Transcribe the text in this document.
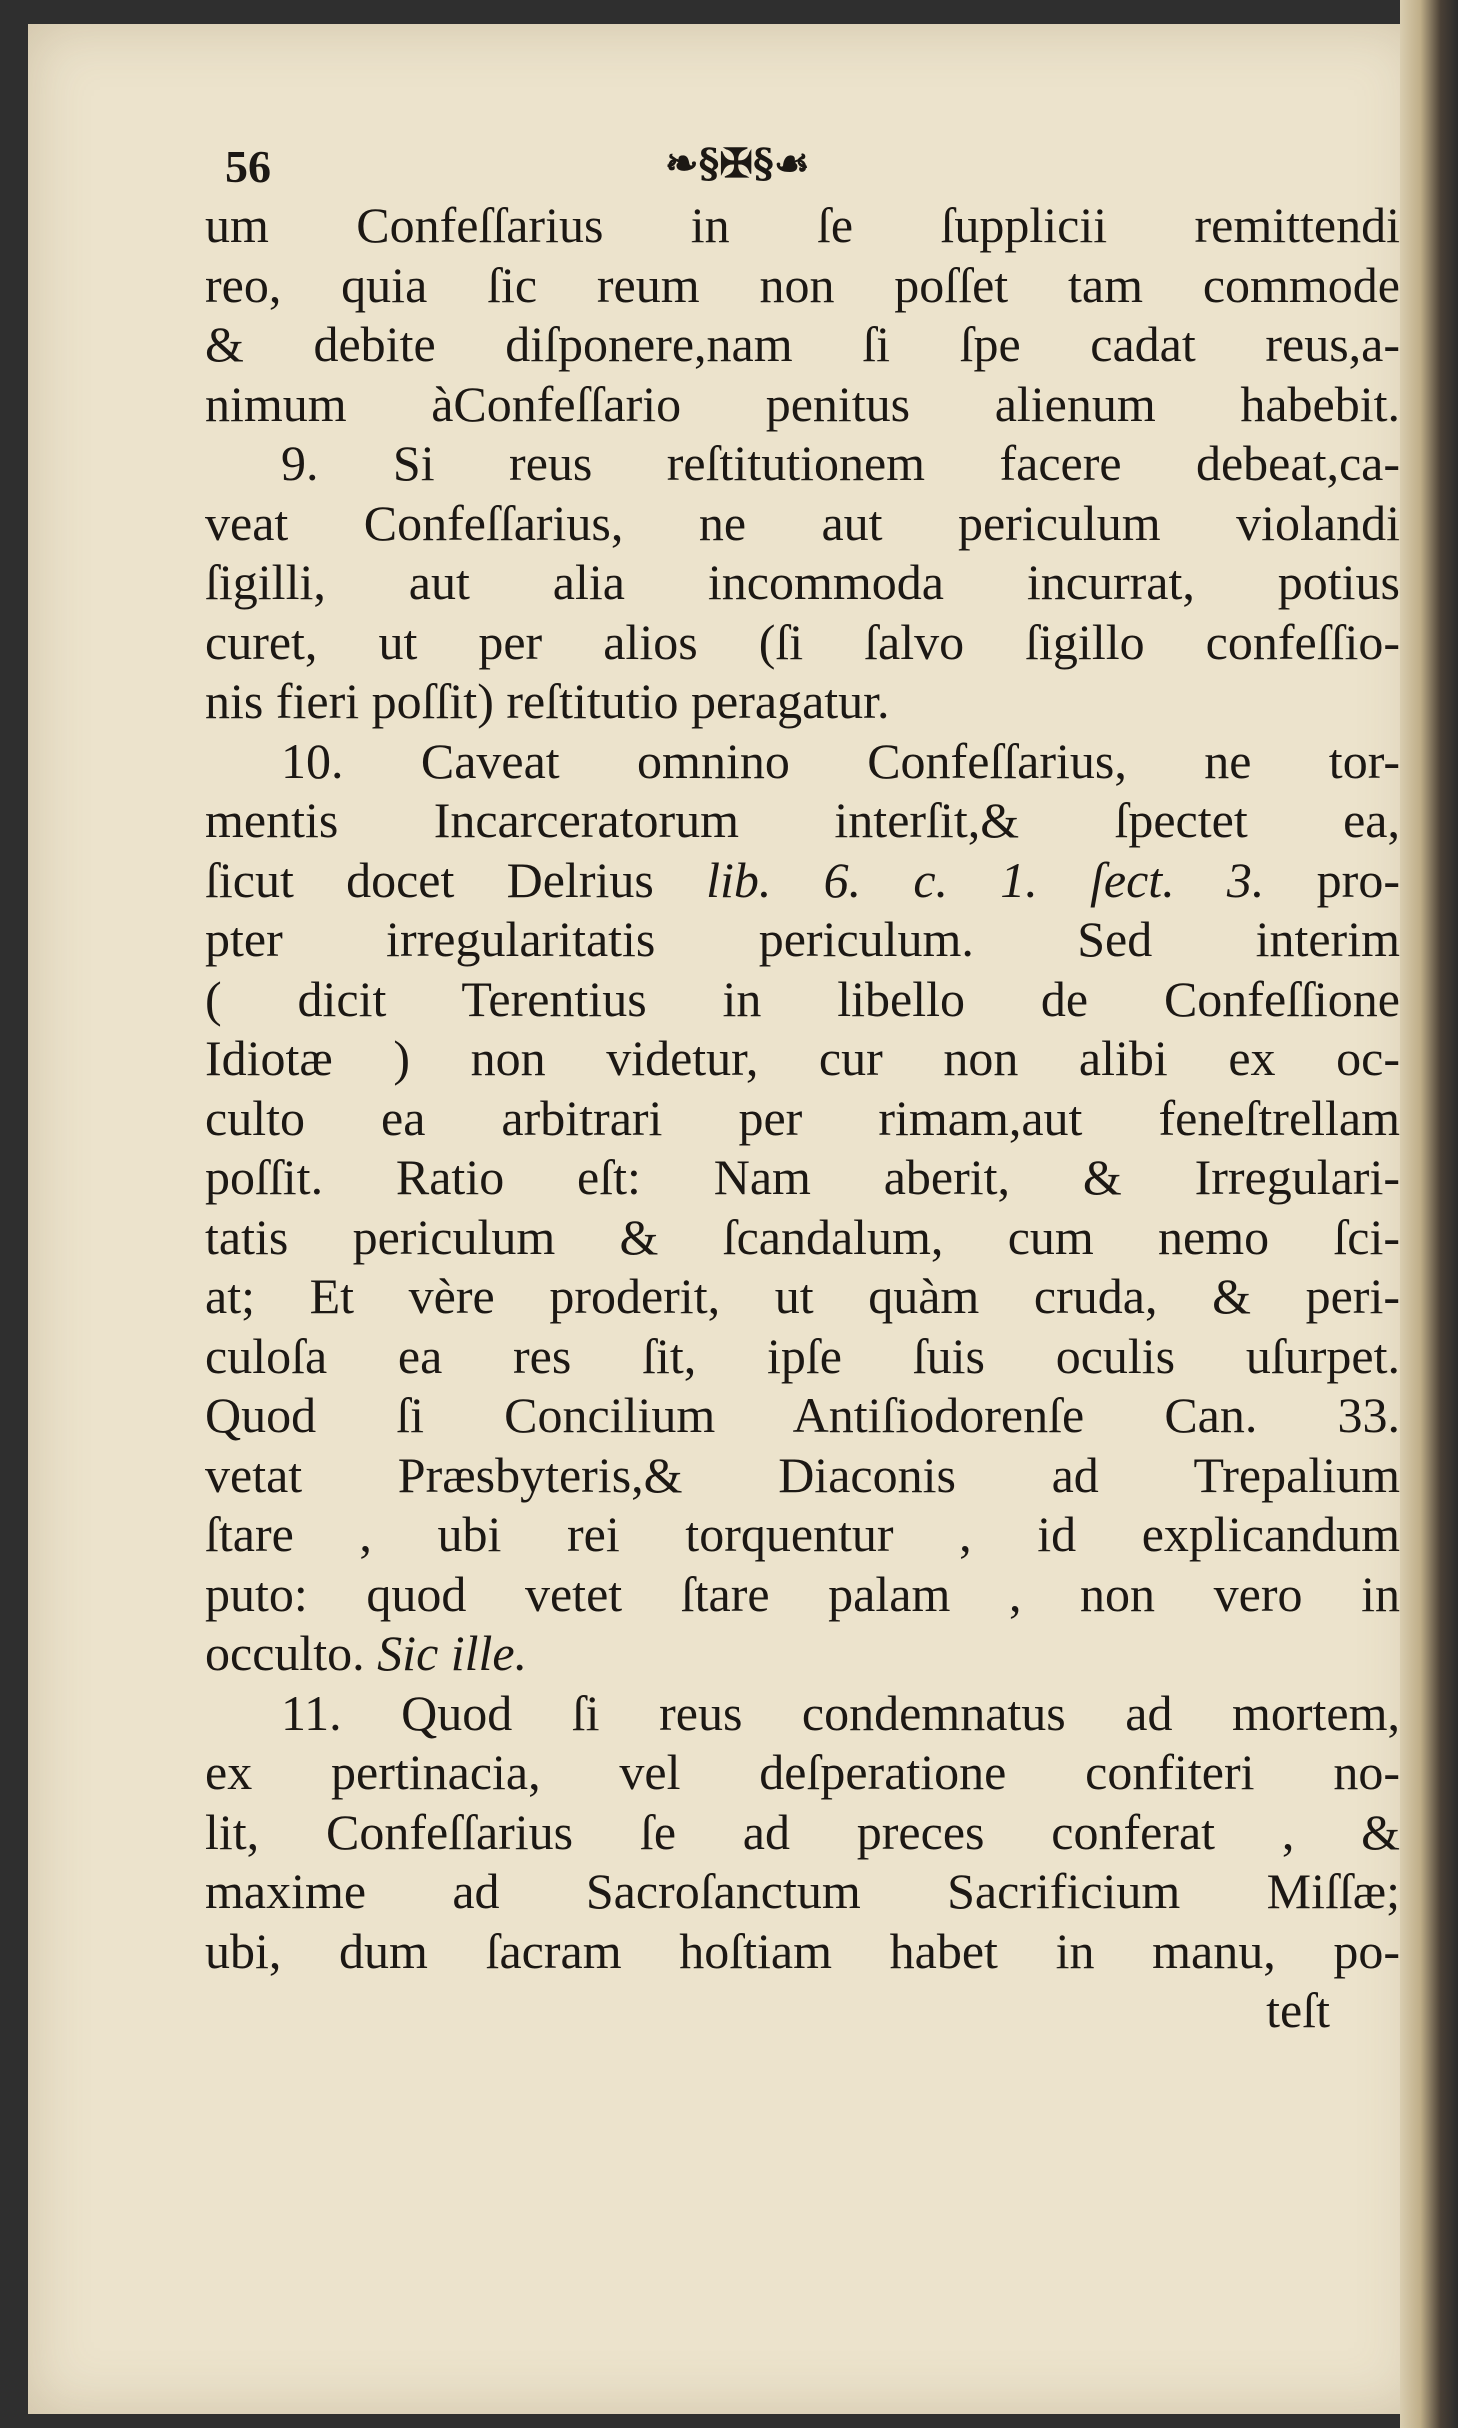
56	❧§✠§☙
um Confeſſarius in ſe ſupplicii remittendi
reo, quia ſic reum non poſſet tam commode
& debite diſponere,nam ſi ſpe cadat reus,a-
nimum àConfeſſario penitus alienum habebit.
9. Si reus reſtitutionem facere debeat,ca-
veat Confeſſarius, ne aut periculum violandi
ſigilli, aut alia incommoda incurrat, potius
curet, ut per alios (ſi ſalvo ſigillo confeſſio-
nis fieri poſſit) reſtitutio peragatur.
10. Caveat omnino Confeſſarius, ne tor-
mentis Incarceratorum interſit,& ſpectet ea,
ſicut docet Delrius lib. 6. c. 1. ſect. 3. pro-
pter irregularitatis periculum. Sed interim
( dicit Terentius in libello de Confeſſione
Idiotæ ) non videtur, cur non alibi ex oc-
culto ea arbitrari per rimam,aut feneſtrellam
poſſit. Ratio eſt: Nam aberit, & Irregulari-
tatis periculum & ſcandalum, cum nemo ſci-
at; Et vère proderit, ut quàm cruda, & peri-
culoſa ea res ſit, ipſe ſuis oculis uſurpet.
Quod ſi Concilium Antiſiodorenſe Can. 33.
vetat Præsbyteris,& Diaconis ad Trepalium
ſtare , ubi rei torquentur , id explicandum
puto: quod vetet ſtare palam , non vero in
occulto. Sic ille.
11. Quod ſi reus condemnatus ad mortem,
ex pertinacia, vel deſperatione confiteri no-
lit, Confeſſarius ſe ad preces conferat , &
maxime ad Sacroſanctum Sacrificium Miſſæ;
ubi, dum ſacram hoſtiam habet in manu, po-
teſt
